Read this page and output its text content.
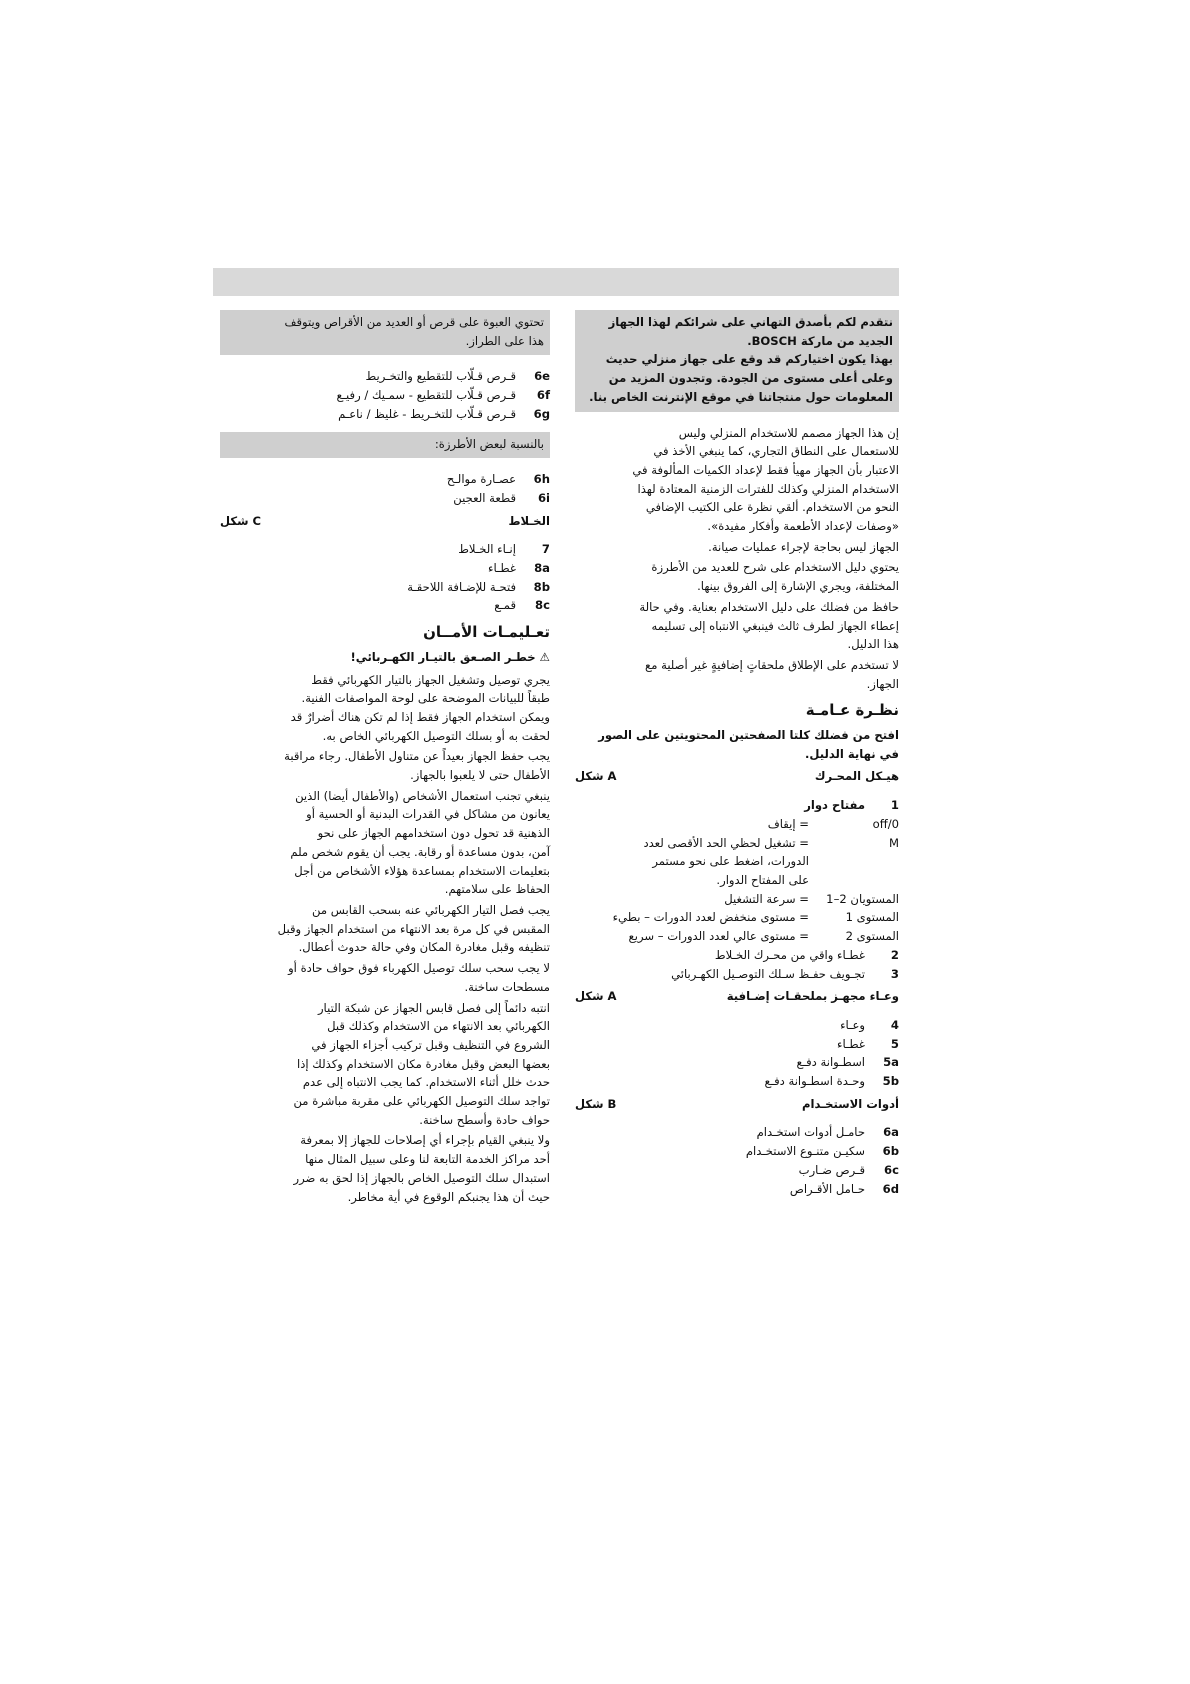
نتقدم لكم بأصدق التهاني على شرائكم لهذا الجهاز
الجديد من ماركة BOSCH.
بهذا يكون اختياركم قد وقع على جهاز منزلي حديث
وعلى أعلى مستوى من الجودة. وتجدون المزيد من
المعلومات حول منتجاتنا في موقع الإنترنت الخاص بنا.
إن هذا الجهاز مصمم للاستخدام المنزلي وليس
للاستعمال على النطاق التجاري، كما ينبغي الأخذ في
الاعتبار بأن الجهاز مهيأ فقط لإعداد الكميات المألوفة في
الاستخدام المنزلي وكذلك للفترات الزمنية المعتادة لهذا
النحو من الاستخدام. ألقي نظرة على الكتيب الإضافي
«وصفات لإعداد الأطعمة وأفكار مفيدة».
الجهاز ليس بحاجة لإجراء عمليات صيانة.
يحتوي دليل الاستخدام على شرح للعديد من الأطرزة
المختلفة، ويجري الإشارة إلى الفروق بينها.
حافظ من فضلك على دليل الاستخدام بعناية. وفي حالة
إعطاء الجهاز لطرف ثالث فينبغي الانتباه إلى تسليمه
هذا الدليل.
لا تستخدم على الإطلاق ملحقاتٍ إضافيةٍ غير أصلية مع
الجهاز.
نظـرة عـامـة
افتح من فضلك كلتا الصفحتين المحتويتين على الصور
في نهاية الدليل.
هيـكل المحـرك
شكل A
1
مفتاح دوار
off/0
= إيقاف
M
= تشغيل لحظي الحد الأقصى لعدد
الدورات، اضغط على نحو مستمر
على المفتاح الدوار.
المستويان 2–1
= سرعة التشغيل
المستوى 1
= مستوى منخفض لعدد الدورات – بطيء
المستوى 2
= مستوى عالي لعدد الدورات – سريع
2
غطـاء واقي من محـرك الخـلاط
3
تجـويف حفـظ سـلك التوصـيل الكهـربائي
وعـاء مجهـز بملحقـات إضـافية
شكل A
4
وعـاء
5
غطـاء
5a
اسطـوانة دفـع
5b
وحـدة اسطـوانة دفـع
أدوات الاستخـدام
شكل B
6a
حامـل أدوات استخـدام
6b
سكيـن متنـوع الاستخـدام
6c
قـرص ضـارب
6d
حـامل الأقـراص
تحتوي العبوة على قرص أو العديد من الأقراص ويتوقف
هذا على الطراز.
6e
قـرص قـلّاب للتقطيع والتخـريط
6f
قـرص قـلّاب للتقطيع - سمـيك / رفيـع
6g
قـرص قـلّاب للتخـريط - غليظ / ناعـم
بالنسبة لبعض الأطرزة:
6h
عصـارة موالـح
6i
قطعة العجين
الخـلاط
شكل C
7
إنـاء الخـلاط
8a
غطـاء
8b
فتحـة للإضـافة اللاحقـة
8c
قمـع
تعـليمـات الأمــان
⚠ خطـر الصـعق بالتيـار الكهـربائي!
يجري توصيل وتشغيل الجهاز بالتيار الكهربائي فقط
طبقاً للبيانات الموضحة على لوحة المواصفات الفنية.
ويمكن استخدام الجهاز فقط إذا لم تكن هناك أضرارٌ قد
لحقت به أو بسلك التوصيل الكهربائي الخاص به.
يجب حفظ الجهاز بعيداً عن متناول الأطفال. رجاء مراقبة
الأطفال حتى لا يلعبوا بالجهاز.
ينبغي تجنب استعمال الأشخاص (والأطفال أيضا) الذين
يعانون من مشاكل في القدرات البدنية أو الحسية أو
الذهنية قد تحول دون استخدامهم الجهاز على نحو
آمن، بدون مساعدة أو رقابة. يجب أن يقوم شخص ملم
بتعليمات الاستخدام بمساعدة هؤلاء الأشخاص من أجل
الحفاظ على سلامتهم.
يجب فصل التيار الكهربائي عنه بسحب القابس من
المقبس في كل مرة بعد الانتهاء من استخدام الجهاز وقبل
تنظيفه وقبل مغادرة المكان وفي حالة حدوث أعطال.
لا يجب سحب سلك توصيل الكهرباء فوق حواف حادة أو
مسطحات ساخنة.
انتبه دائماً إلى فصل قابس الجهاز عن شبكة التيار
الكهربائي بعد الانتهاء من الاستخدام وكذلك قبل
الشروع في التنظيف وقبل تركيب أجزاء الجهاز في
بعضها البعض وقبل مغادرة مكان الاستخدام وكذلك إذا
حدث خلل أثناء الاستخدام. كما يجب الانتباه إلى عدم
تواجد سلك التوصيل الكهربائي على مقربة مباشرة من
حواف حادة وأسطح ساخنة.
ولا ينبغي القيام بإجراء أي إصلاحات للجهاز إلا بمعرفة
أحد مراكز الخدمة التابعة لنا وعلى سبيل المثال منها
استبدال سلك التوصيل الخاص بالجهاز إذا لحق به ضرر
حيث أن هذا يجنبكم الوقوع في أية مخاطر.
